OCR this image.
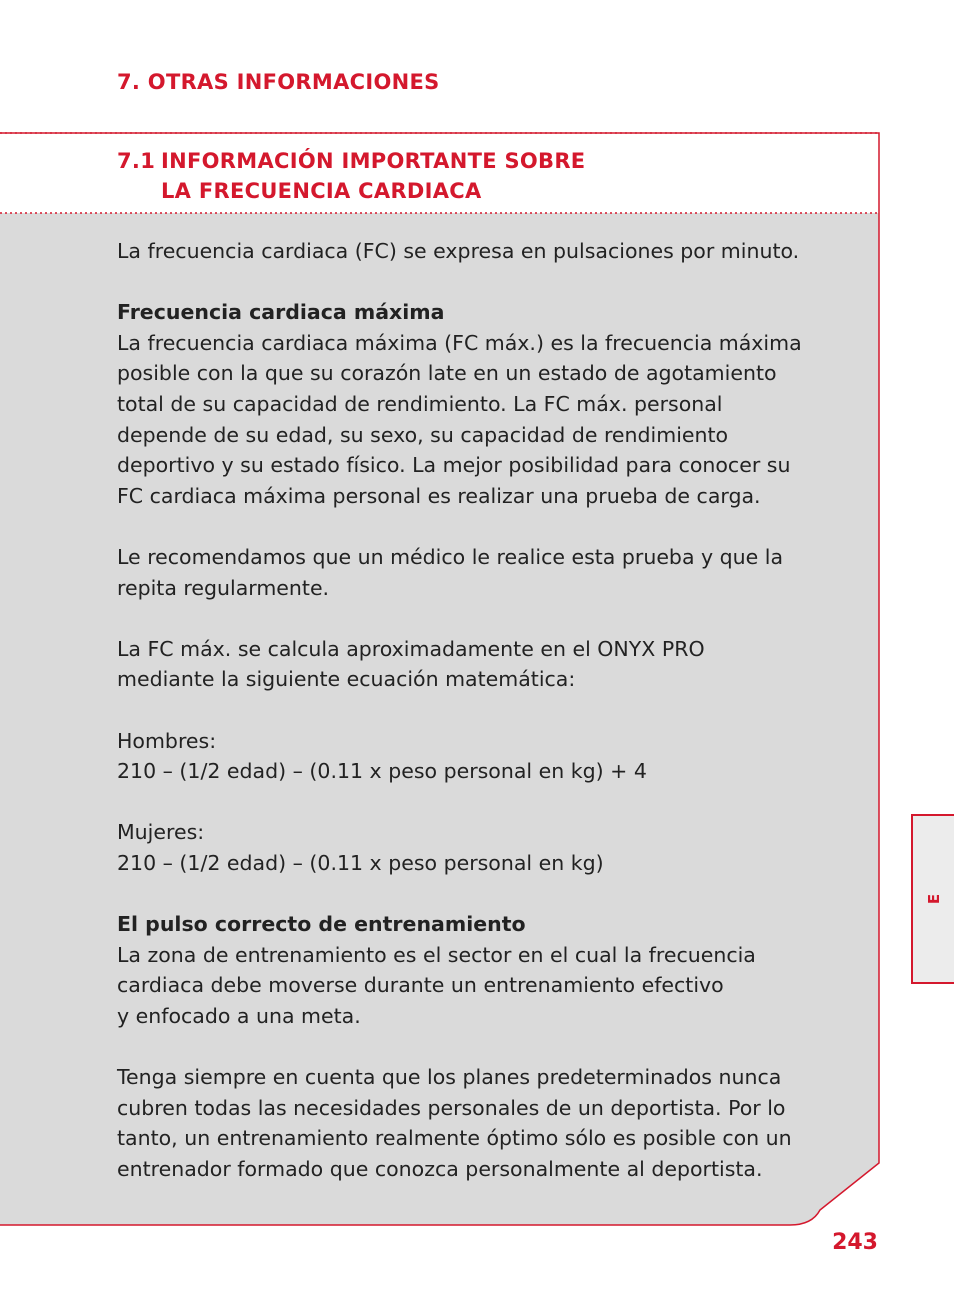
7. OTRAS INFORMACIONES
7.1 INFORMACIÓN IMPORTANTE SOBRE
LA FRECUENCIA CARDIACA

La frecuencia cardiaca (FC) se expresa en pulsaciones por minuto.

Frecuencia cardiaca máxima
La frecuencia cardiaca máxima (FC máx.) es la frecuencia máxima
posible con la que su corazón late en un estado de agotamiento
total de su capacidad de rendimiento. La FC máx. personal
depende de su edad, su sexo, su capacidad de rendimiento
deportivo y su estado físico. La mejor posibilidad para conocer su
FC cardiaca máxima personal es realizar una prueba de carga.

Le recomendamos que un médico le realice esta prueba y que la
repita regularmente.

La FC máx. se calcula aproximadamente en el ONYX PRO
mediante la siguiente ecuación matemática:

Hombres:
210 – (1/2 edad) – (0.11 x peso personal en kg) + 4

Mujeres:
210 – (1/2 edad) – (0.11 x peso personal en kg)

El pulso correcto de entrenamiento
La zona de entrenamiento es el sector en el cual la frecuencia
cardiaca debe moverse durante un entrenamiento efectivo
y enfocado a una meta.

Tenga siempre en cuenta que los planes predeterminados nunca
cubren todas las necesidades personales de un deportista. Por lo
tanto, un entrenamiento realmente óptimo sólo es posible con un
entrenador formado que conozca personalmente al deportista.

E
243
